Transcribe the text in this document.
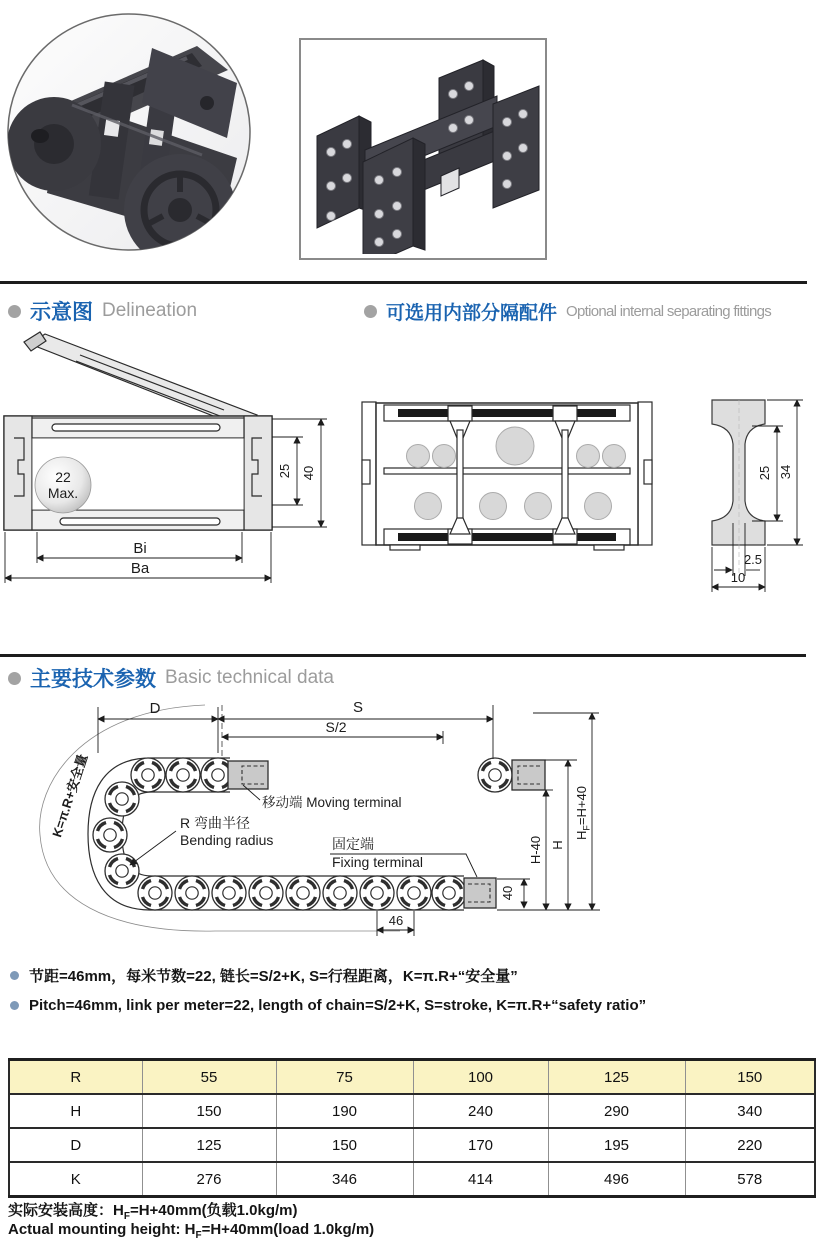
示意图 Delineation	可选用内部分隔配件 Optional internal separating fittings
22
Max.
25 40
Bi
Ba
25 34
2.5
10
主要技术参数 Basic technical data
D	S
S/2
K=π.R+安全量	移动端 Moving terminal
R 弯曲半径
Bending radius	固定端
Fixing terminal
40
H-40 H
$H_F=H+40$
46
节距=46mm，每米节数=22, 链长=S/2+K, S=行程距离，K=π.R+“安全量”
Pitch=46mm, link per meter=22, length of chain=S/2+K, S=stroke, K=π.R+“safety ratio”
R	55	75	100	125	150
H	150	190	240	290	340
D	125	150	170	195	220
K	276	346	414	496	578
实际安装高度：$H_F=H+40mm$(负载1.0kg/m)
Actual mounting height: $H_F=H+40mm(load$ 1.0kg/m)
